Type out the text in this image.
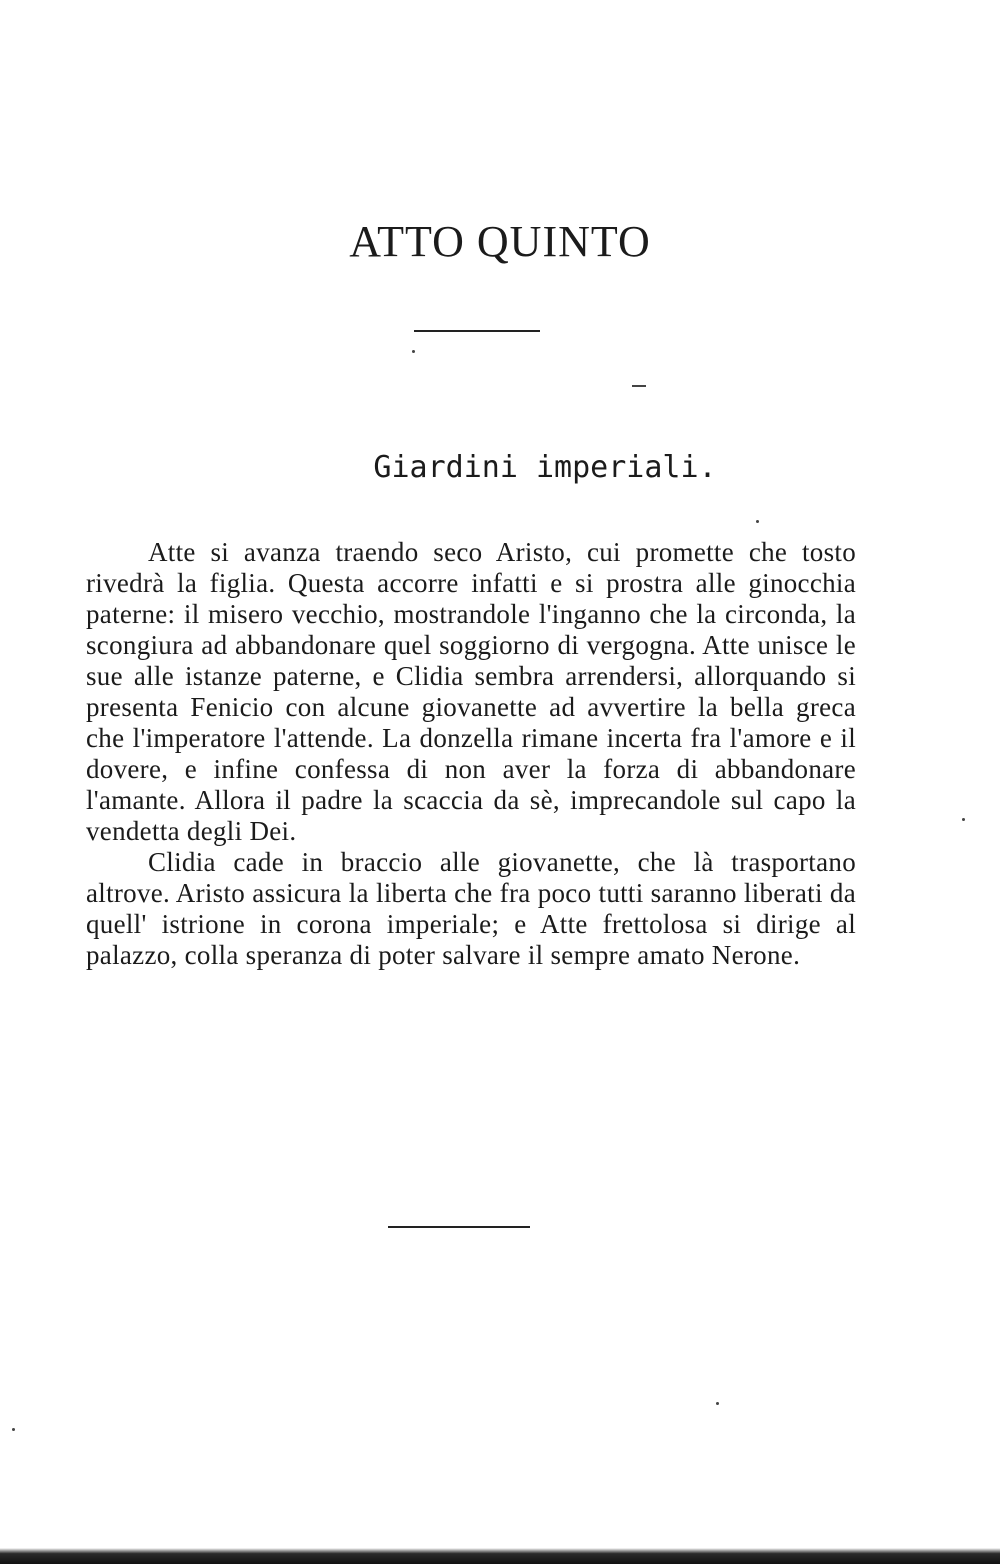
ATTO QUINTO
Giardini imperiali.

Atte si avanza traendo seco Aristo, cui promette che tosto rivedrà la figlia. Questa accorre infatti e si prostra alle ginocchia paterne: il misero vecchio, mostrandole l'inganno che la circonda, la scongiura ad abbandonare quel soggiorno di vergogna. Atte unisce le sue alle istanze paterne, e Clidia sembra arrendersi, allorquando si presenta Fenicio con alcune giovanette ad avvertire la bella greca che l'imperatore l'attende. La donzella rimane incerta fra l'amore e il dovere, e infine confessa di non aver la forza di abbandonare l'amante. Allora il padre la scaccia da sè, imprecandole sul capo la vendetta degli Dei.

Clidia cade in braccio alle giovanette, che là trasportano altrove. Aristo assicura la liberta che fra poco tutti saranno liberati da quell' istrione in corona imperiale; e Atte frettolosa si dirige al palazzo, colla speranza di poter salvare il sempre amato Nerone.
